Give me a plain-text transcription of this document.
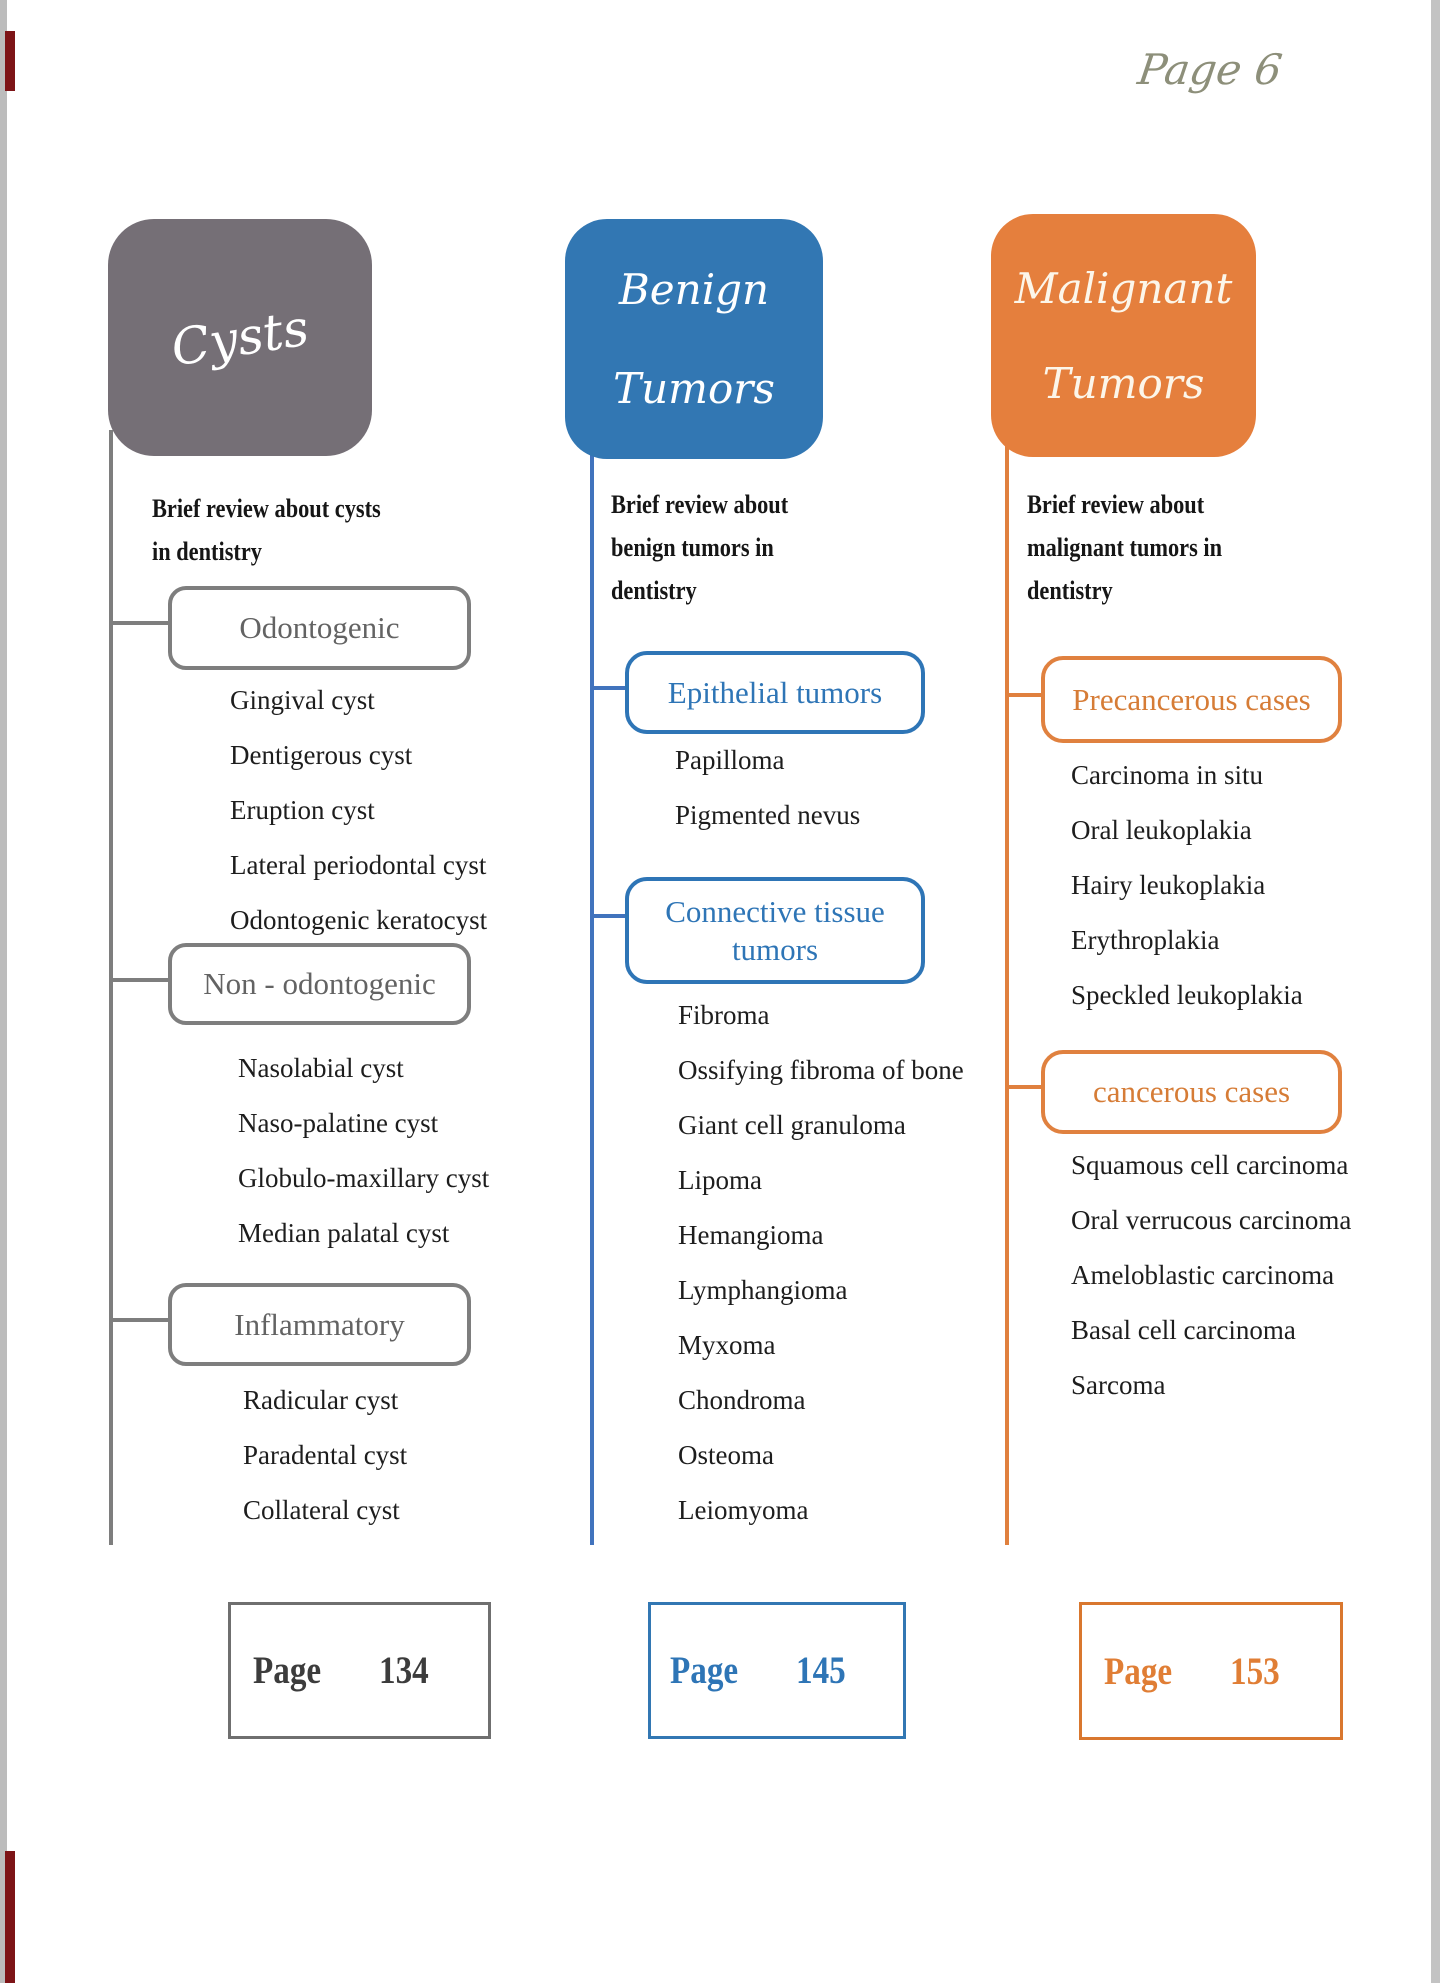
Page 6
Cysts
Brief review about cysts
in dentistry
Odontogenic
Gingival cyst
Dentigerous cyst
Eruption cyst
Lateral periodontal cyst
Odontogenic keratocyst
Non - odontogenic
Nasolabial cyst
Naso-palatine cyst
Globulo-maxillary cyst
Median palatal cyst
Inflammatory
Radicular cyst
Paradental cyst
Collateral cyst
Page 134
Benign
Tumors
Brief review about
benign tumors in
dentistry
Epithelial tumors
Papilloma
Pigmented nevus
Connective tissue
tumors
Fibroma
Ossifying fibroma of bone
Giant cell granuloma
Lipoma
Hemangioma
Lymphangioma
Myxoma
Chondroma
Osteoma
Leiomyoma
Page 145
Malignant
Tumors
Brief review about
malignant tumors in
dentistry
Precancerous cases
Carcinoma in situ
Oral leukoplakia
Hairy leukoplakia
Erythroplakia
Speckled leukoplakia
cancerous cases
Squamous cell carcinoma
Oral verrucous carcinoma
Ameloblastic carcinoma
Basal cell carcinoma
Sarcoma
Page 153
